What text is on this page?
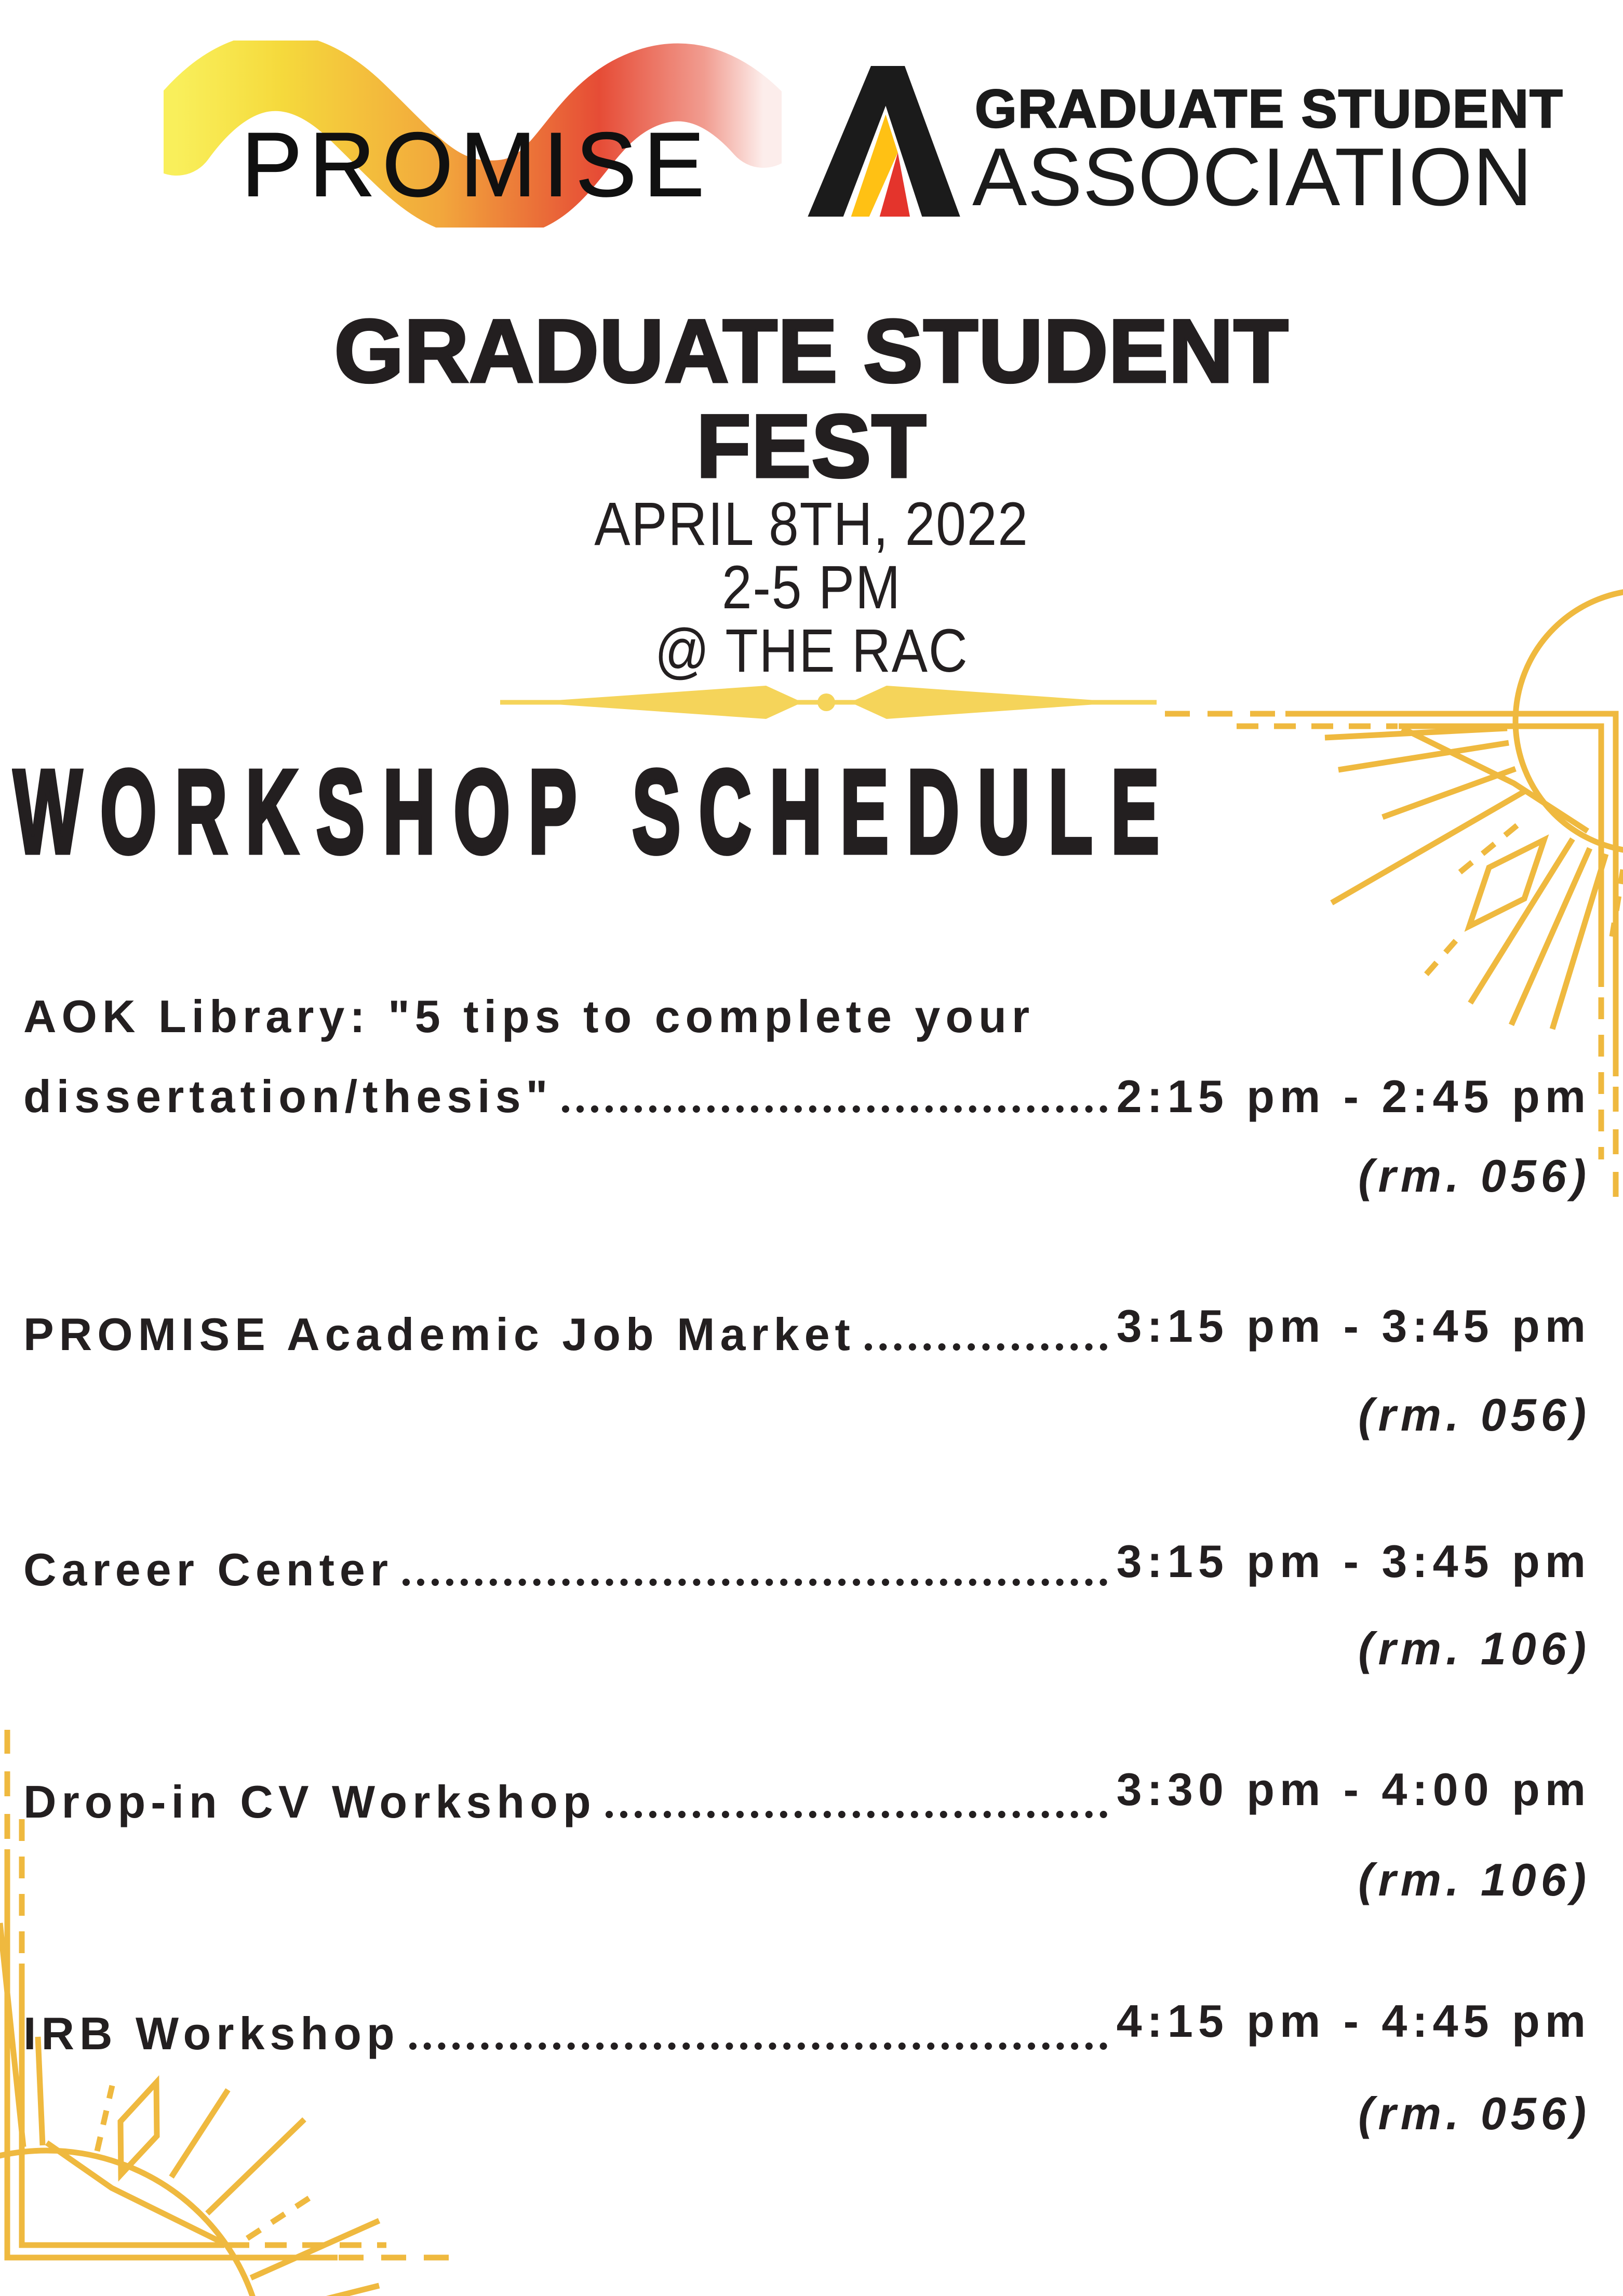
PROMISE
GRADUATE STUDENT
ASSOCIATION
GRADUATE STUDENT
FEST
APRIL 8TH, 2022
2-5 PM
@ THE RAC
WORKSHOP SCHEDULE
AOK Library: "5 tips to complete your
dissertation/thesis"	2:15 pm - 2:45 pm
(rm. 056)
PROMISE Academic Job Market	3:15 pm - 3:45 pm
(rm. 056)
Career Center	3:15 pm - 3:45 pm
(rm. 106)
Drop-in CV Workshop	3:30 pm - 4:00 pm
(rm. 106)
IRB Workshop	4:15 pm - 4:45 pm
(rm. 056)
